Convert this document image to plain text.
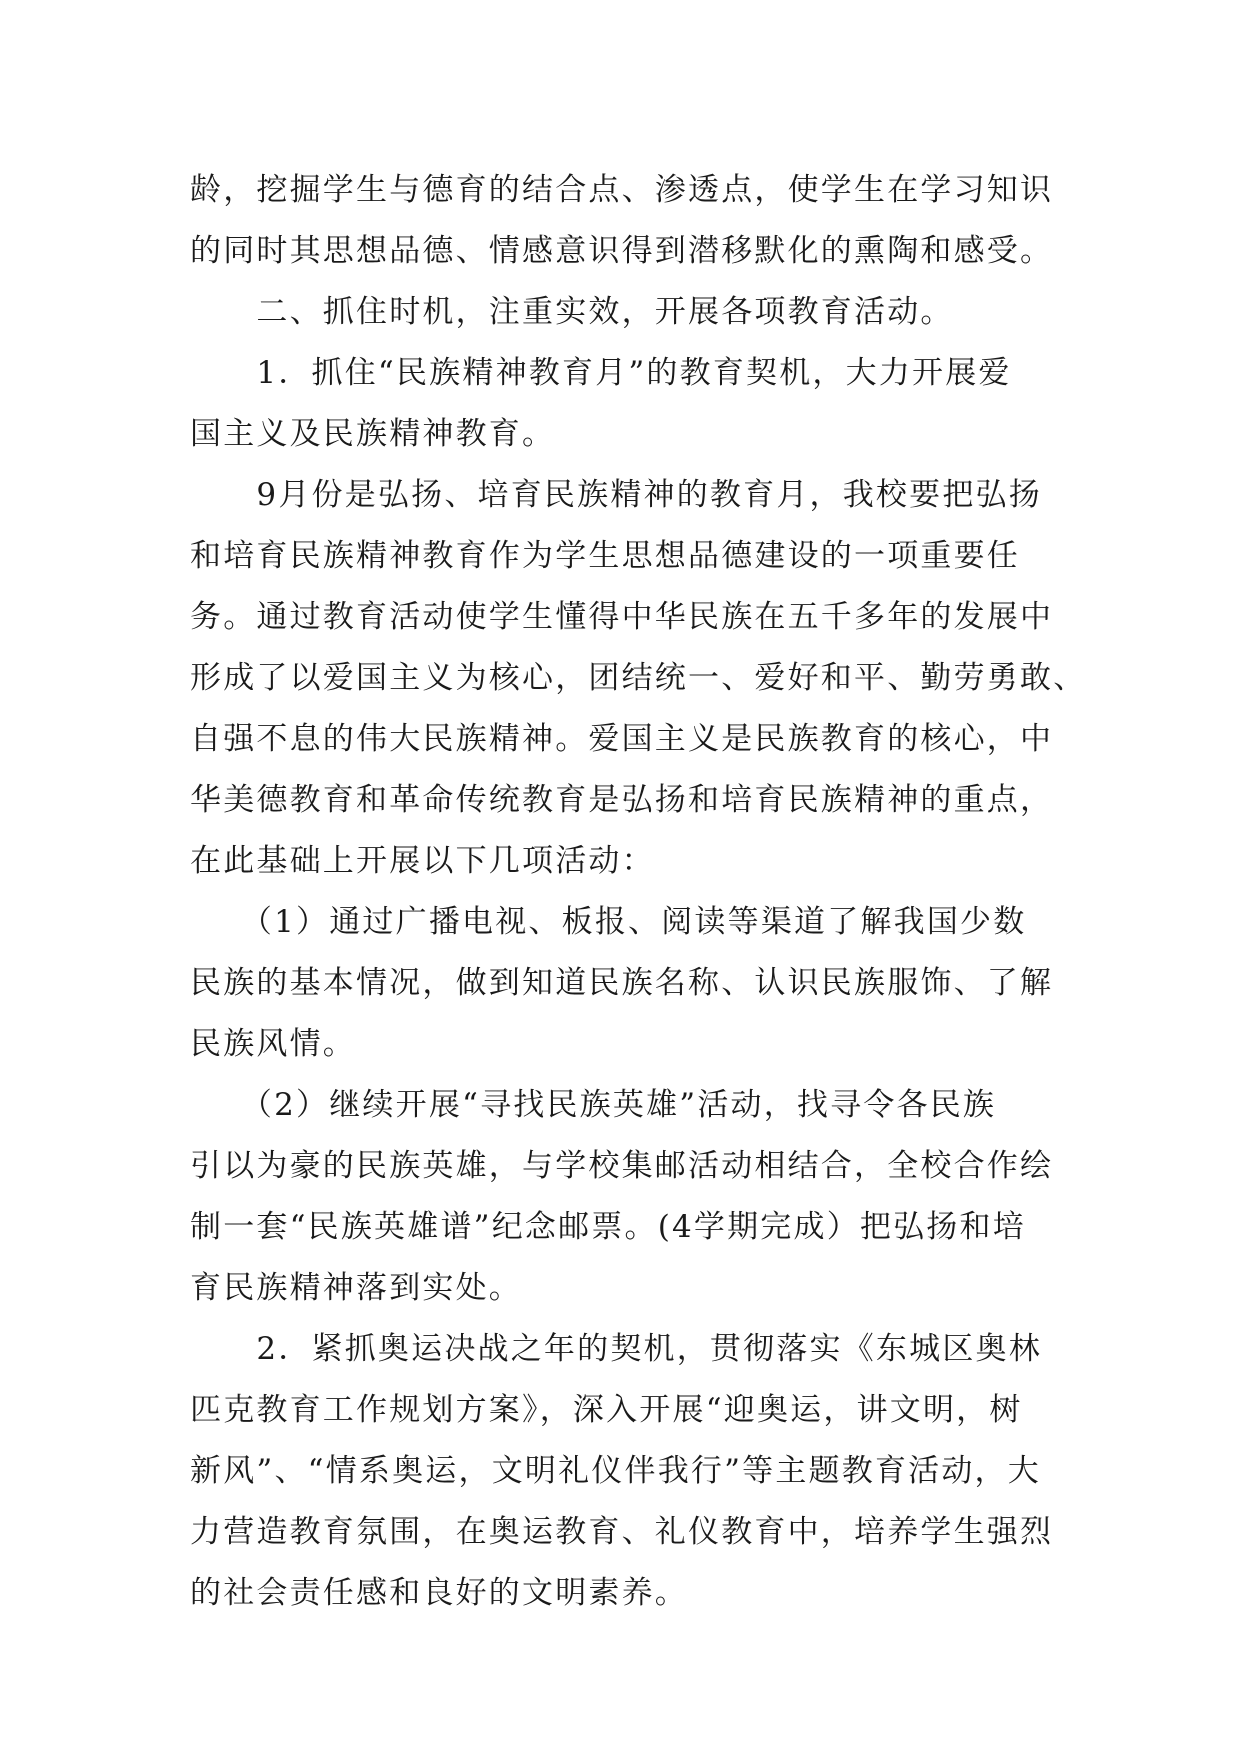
龄，挖掘学生与德育的结合点、渗透点，使学生在学习知识
的同时其思想品德、情感意识得到潜移默化的熏陶和感受。
　　二、抓住时机，注重实效，开展各项教育活动。
　　1．抓住“民族精神教育月”的教育契机，大力开展爱
国主义及民族精神教育。
　　9月份是弘扬、培育民族精神的教育月，我校要把弘扬
和培育民族精神教育作为学生思想品德建设的一项重要任
务。通过教育活动使学生懂得中华民族在五千多年的发展中
形成了以爱国主义为核心，团结统一、爱好和平、勤劳勇敢、
自强不息的伟大民族精神。爱国主义是民族教育的核心，中
华美德教育和革命传统教育是弘扬和培育民族精神的重点，
在此基础上开展以下几项活动：
　　（1）通过广播电视、板报、阅读等渠道了解我国少数
民族的基本情况，做到知道民族名称、认识民族服饰、了解
民族风情。
　　（2）继续开展“寻找民族英雄”活动，找寻令各民族
引以为豪的民族英雄，与学校集邮活动相结合，全校合作绘
制一套“民族英雄谱”纪念邮票。(4学期完成）把弘扬和培
育民族精神落到实处。
　　2．紧抓奥运决战之年的契机，贯彻落实《东城区奥林
匹克教育工作规划方案》，深入开展“迎奥运，讲文明，树
新风”、“情系奥运，文明礼仪伴我行”等主题教育活动，大
力营造教育氛围，在奥运教育、礼仪教育中，培养学生强烈
的社会责任感和良好的文明素养。
